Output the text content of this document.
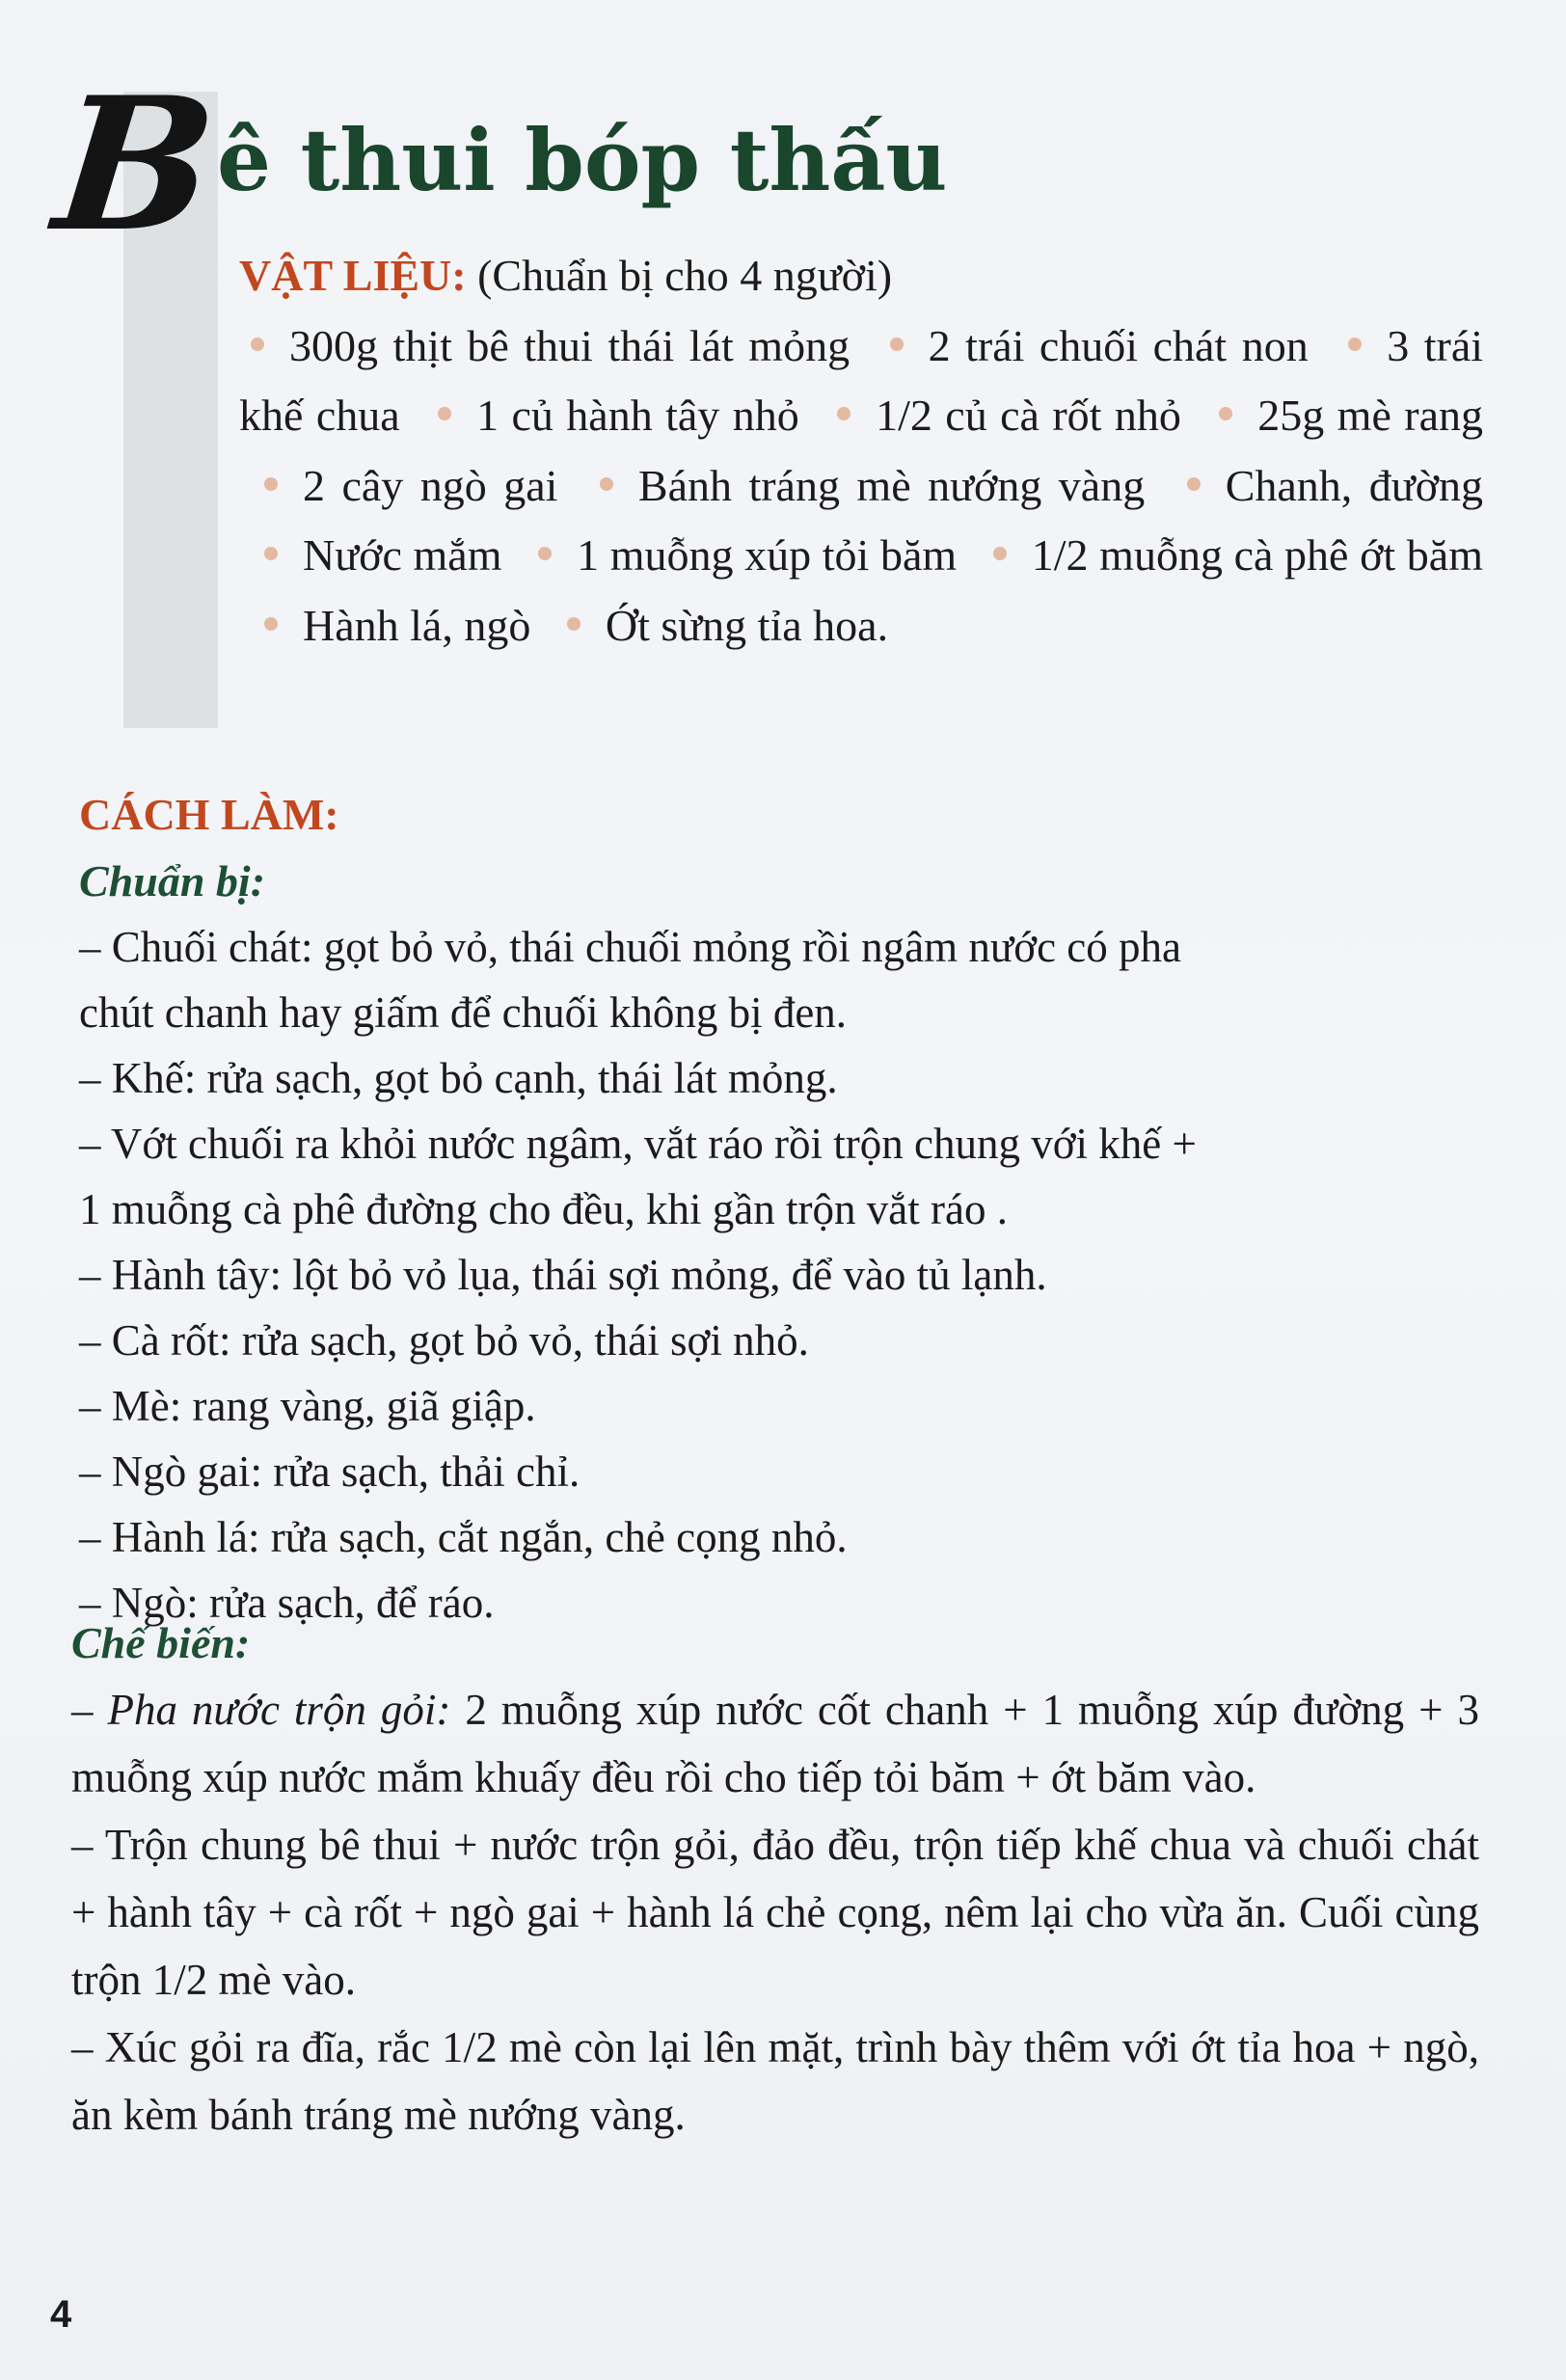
B
ê thui bóp thấu
VẬT LIỆU: (Chuẩn bị cho 4 người)
300g thịt bê thui thái lát mỏng 2 trái chuối chát non 3 trái khế chua 1 củ hành tây nhỏ 1/2 củ cà rốt nhỏ 25g mè rang 2 cây ngò gai Bánh tráng mè nướng vàng Chanh, đường Nước mắm 1 muỗng xúp tỏi băm 1/2 muỗng cà phê ớt băm Hành lá, ngò Ớt sừng tỉa hoa.
CÁCH LÀM:
Chuẩn bị:

– Chuối chát: gọt bỏ vỏ, thái chuối mỏng rồi ngâm nước có pha

chút chanh hay giấm để chuối không bị đen.

– Khế: rửa sạch, gọt bỏ cạnh, thái lát mỏng.

– Vớt chuối ra khỏi nước ngâm, vắt ráo rồi trộn chung với khế +

1 muỗng cà phê đường cho đều, khi gần trộn vắt ráo .

– Hành tây: lột bỏ vỏ lụa, thái sợi mỏng, để vào tủ lạnh.

– Cà rốt: rửa sạch, gọt bỏ vỏ, thái sợi nhỏ.

– Mè: rang vàng, giã giập.

– Ngò gai: rửa sạch, thải chỉ.

– Hành lá: rửa sạch, cắt ngắn, chẻ cọng nhỏ.

– Ngò: rửa sạch, để ráo.

Chế biến:

– Pha nước trộn gỏi: 2 muỗng xúp nước cốt chanh + 1 muỗng xúp đường + 3 muỗng xúp nước mắm khuấy đều rồi cho tiếp tỏi băm + ớt băm vào.

– Trộn chung bê thui + nước trộn gỏi, đảo đều, trộn tiếp khế chua và chuối chát + hành tây + cà rốt + ngò gai + hành lá chẻ cọng, nêm lại cho vừa ăn. Cuối cùng trộn 1/2 mè vào.

– Xúc gỏi ra đĩa, rắc 1/2 mè còn lại lên mặt, trình bày thêm với ớt tỉa hoa + ngò, ăn kèm bánh tráng mè nướng vàng.

4
